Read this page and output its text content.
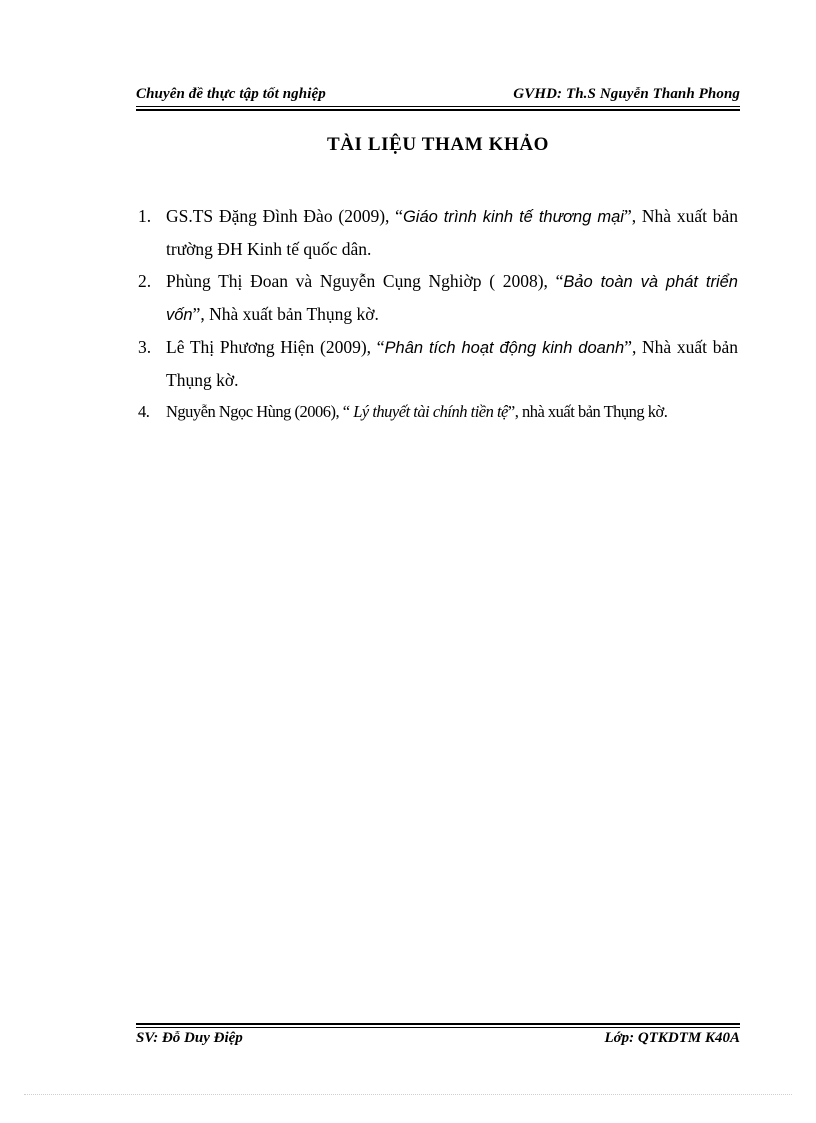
Chuyên đề thực tập tốt nghiệp	GVHD: Th.S Nguyễn Thanh Phong
TÀI LIỆU THAM KHẢO
1. GS.TS Đặng Đình Đào (2009), “Giáo trình kinh tế thương mại”, Nhà xuất bản trường ĐH Kinh tế quốc dân.
2. Phùng Thị Đoan và Nguyễn Cụng Nghiờp ( 2008), “Bảo toàn và phát triển vốn”, Nhà xuất bản Thụng kờ.
3. Lê Thị Phương Hiện (2009), “Phân tích hoạt động kinh doanh”, Nhà xuất bản Thụng kờ.
4. Nguyễn Ngọc Hùng (2006), “ Lý thuyết tài chính tiền tệ”, nhà xuất bản Thụng kờ.
SV: Đỗ Duy Điệp	Lớp: QTKDTM K40A
